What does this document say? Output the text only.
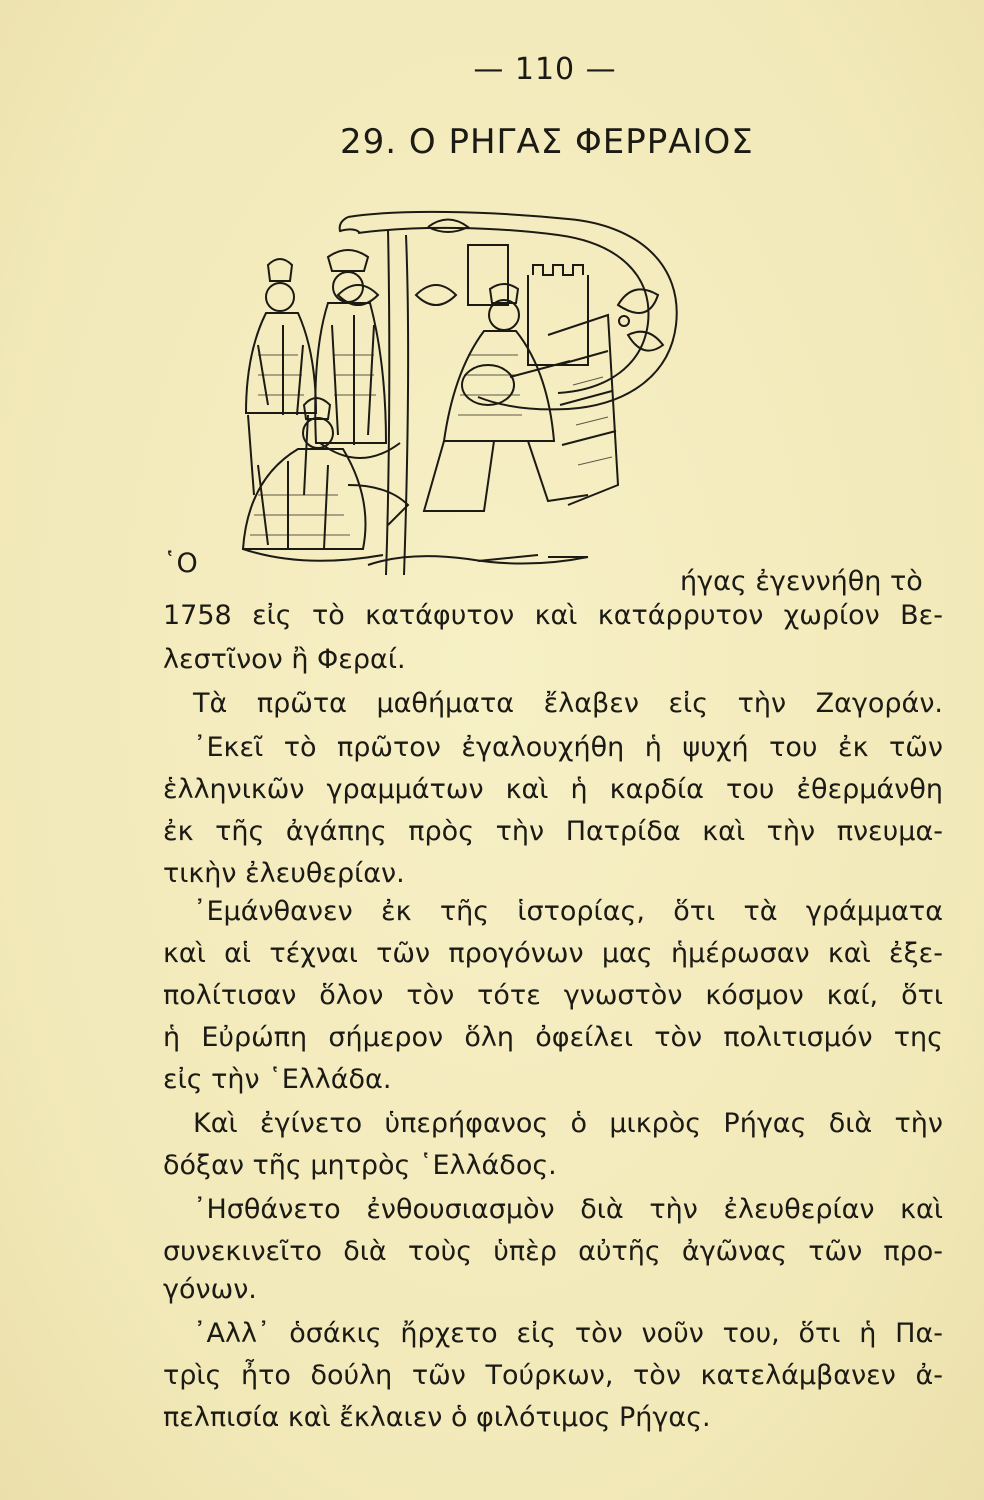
— 110 —
29. Ο ΡΗΓΑΣ ΦΕΡΡΑΙΟΣ
῾Ο
ήγας ἐγεννήθη τὸ
1758 εἰς τὸ κατάφυτον καὶ κατάρρυτον χωρίον Βε-
λεστῖνον ἢ Φεραί.
Τὰ πρῶτα μαθήματα ἔλαβεν εἰς τὴν Ζαγοράν.
᾿Εκεῖ τὸ πρῶτον ἐγαλουχήθη ἡ ψυχή του ἐκ τῶν
ἑλληνικῶν γραμμάτων καὶ ἡ καρδία του ἐθερμάνθη
ἐκ τῆς ἀγάπης πρὸς τὴν Πατρίδα καὶ τὴν πνευμα-
τικὴν ἐλευθερίαν.
᾿Εμάνθανεν ἐκ τῆς ἱστορίας, ὅτι τὰ γράμματα
καὶ αἱ τέχναι τῶν προγόνων μας ἡμέρωσαν καὶ ἐξε-
πολίτισαν ὅλον τὸν τότε γνωστὸν κόσμον καί, ὅτι
ἡ Εὐρώπη σήμερον ὅλη ὀφείλει τὸν πολιτισμόν της
εἰς τὴν ῾Ελλάδα.
Καὶ ἐγίνετο ὑπερήφανος ὁ μικρὸς Ρήγας διὰ τὴν
δόξαν τῆς μητρὸς ῾Ελλάδος.
᾿Ησθάνετο ἐνθουσιασμὸν διὰ τὴν ἐλευθερίαν καὶ
συνεκινεῖτο διὰ τοὺς ὑπὲρ αὐτῆς ἀγῶνας τῶν προ-
γόνων.
᾿Αλλ᾿ ὁσάκις ἤρχετο εἰς τὸν νοῦν του, ὅτι ἡ Πα-
τρὶς ἦτο δούλη τῶν Τούρκων, τὸν κατελάμβανεν ἀ-
πελπισία καὶ ἔκλαιεν ὁ φιλότιμος Ρήγας.
